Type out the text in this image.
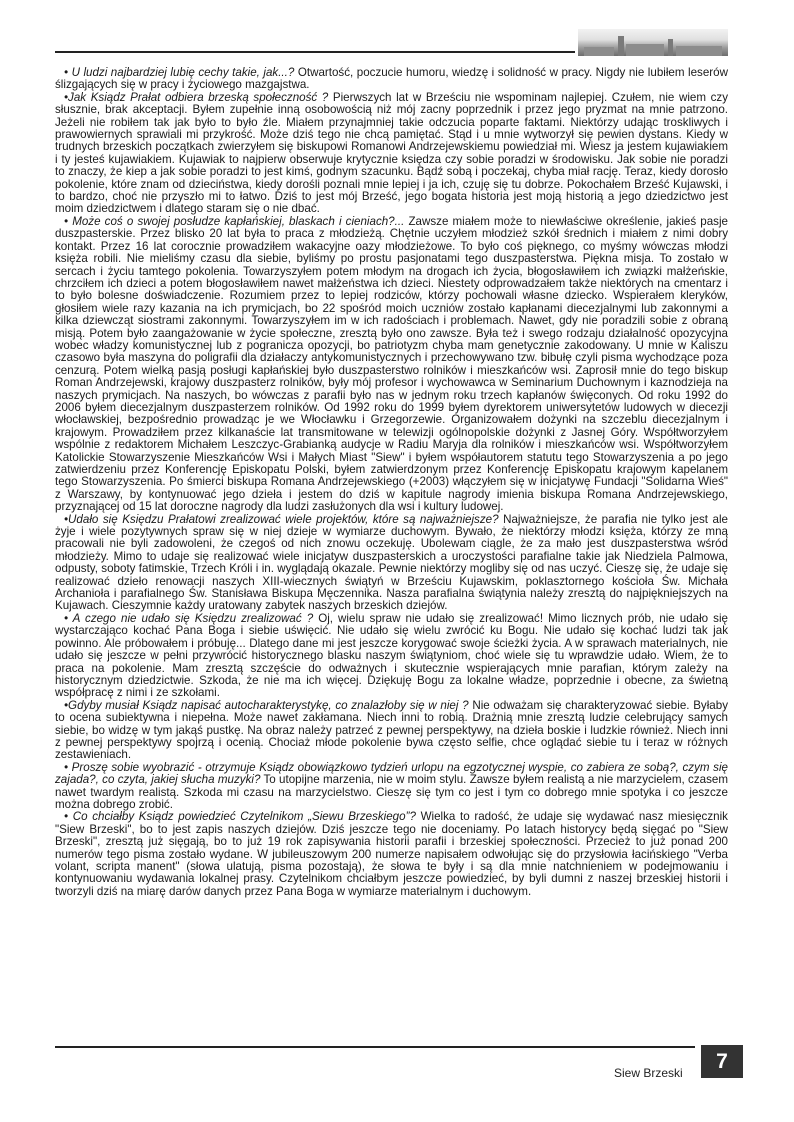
• U ludzi najbardziej lubię cechy takie, jak...? Otwartość, poczucie humoru, wiedzę i solidność w pracy. Nigdy nie lubiłem leserów ślizgających się w pracy i życiowego mazgajstwa.

•Jak Ksiądz Prałat odbiera brzeską społeczność ? Pierwszych lat w Brześciu nie wspominam najlepiej. Czułem, nie wiem czy słusznie, brak akceptacji. Byłem zupełnie inną osobowością niż mój zacny poprzednik i przez jego pryzmat na mnie patrzono. Jeżeli nie robiłem tak jak było to było źle. Miałem przynajmniej takie odczucia poparte faktami. Niektórzy udając troskliwych i prawowiernych sprawiali mi przykrość. Może dziś tego nie chcą pamiętać. Stąd i u mnie wytworzył się pewien dystans. Kiedy w trudnych brzeskich początkach zwierzyłem się biskupowi Romanowi Andrzejewskiemu powiedział mi. Wiesz ja jestem kujawiakiem i ty jesteś kujawiakiem. Kujawiak to najpierw obserwuje krytycznie księdza czy sobie poradzi w środowisku. Jak sobie nie poradzi to znaczy, że kiep a jak sobie poradzi to jest kimś, godnym szacunku. Bądź sobą i poczekaj, chyba miał rację. Teraz, kiedy dorosło pokolenie, które znam od dzieciństwa, kiedy dorośli poznali mnie lepiej i ja ich, czuję się tu dobrze. Pokochałem Brześć Kujawski, i to bardzo, choć nie przyszło mi to łatwo. Dziś to jest mój Brześć, jego bogata historia jest moją historią a jego dziedzictwo jest moim dziedzictwem i dlatego staram się o nie dbać.

• Może coś o swojej posłudze kapłańskiej, blaskach i cieniach?... Zawsze miałem może to niewłaściwe określenie, jakieś pasje duszpasterskie. Przez blisko 20 lat była to praca z młodzieżą. Chętnie uczyłem młodzież szkół średnich i miałem z nimi dobry kontakt. Przez 16 lat corocznie prowadziłem wakacyjne oazy młodzieżowe. To było coś pięknego, co myśmy wówczas młodzi księża robili. Nie mieliśmy czasu dla siebie, byliśmy po prostu pasjonatami tego duszpasterstwa. Piękna misja. To zostało w sercach i życiu tamtego pokolenia. Towarzyszyłem potem młodym na drogach ich życia, błogosławiłem ich związki małżeńskie, chrzciłem ich dzieci a potem błogosławiłem nawet małżeństwa ich dzieci. Niestety odprowadzałem także niektórych na cmentarz i to było bolesne doświadczenie. Rozumiem przez to lepiej rodziców, którzy pochowali własne dziecko. Wspierałem kleryków, głosiłem wiele razy kazania na ich prymicjach, bo 22 spośród moich uczniów zostało kapłanami diecezjalnymi lub zakonnymi a kilka dziewcząt siostrami zakonnymi. Towarzyszyłem im w ich radościach i problemach. Nawet, gdy nie poradzili sobie z obraną misją. Potem było zaangażowanie w życie społeczne, zresztą było ono zawsze. Była też i swego rodzaju działalność opozycyjna wobec władzy komunistycznej lub z pogranicza opozycji, bo patriotyzm chyba mam genetycznie zakodowany. U mnie w Kaliszu czasowo była maszyna do poligrafii dla działaczy antykomunistycznych i przechowywano tzw. bibułę czyli pisma wychodzące poza cenzurą. Potem wielką pasją posługi kapłańskiej było duszpasterstwo rolników i mieszkańców wsi. Zaprosił mnie do tego biskup Roman Andrzejewski, krajowy duszpasterz rolników, były mój profesor i wychowawca w Seminarium Duchownym i kaznodzieja na naszych prymicjach. Na naszych, bo wówczas z parafii było nas w jednym roku trzech kapłanów święconych. Od roku 1992 do 2006 byłem diecezjalnym duszpasterzem rolników. Od 1992 roku do 1999 byłem dyrektorem uniwersytetów ludowych w diecezji włocławskiej, bezpośrednio prowadząc je we Włocławku i Grzegorzewie. Organizowałem dożynki na szczeblu diecezjalnym i krajowym. Prowadziłem przez kilkanaście lat transmitowane w telewizji ogólnopolskie dożynki z Jasnej Góry. Współtworzyłem wspólnie z redaktorem Michałem Leszczyc-Grabianką audycje w Radiu Maryja dla rolników i mieszkańców wsi. Współtworzyłem Katolickie Stowarzyszenie Mieszkańców Wsi i Małych Miast "Siew" i byłem współautorem statutu tego Stowarzyszenia a po jego zatwierdzeniu przez Konferencję Episkopatu Polski, byłem zatwierdzonym przez Konferencję Episkopatu krajowym kapelanem tego Stowarzyszenia. Po śmierci biskupa Romana Andrzejewskiego (+2003) włączyłem się w inicjatywę Fundacji "Solidarna Wieś" z Warszawy, by kontynuować jego dzieła i jestem do dziś w kapitule nagrody imienia biskupa Romana Andrzejewskiego, przyznającej od 15 lat doroczne nagrody dla ludzi zasłużonych dla wsi i kultury ludowej.

•Udało się Księdzu Prałatowi zrealizować wiele projektów, które są najważniejsze? Najważniejsze, że parafia nie tylko jest ale żyje i wiele pozytywnych spraw się w niej dzieje w wymiarze duchowym. Bywało, że niektórzy młodzi księża, którzy ze mną pracowali nie byli zadowoleni, że czegoś od nich znowu oczekuję. Ubolewam ciągle, że za mało jest duszpasterstwa wśród młodzieży. Mimo to udaje się realizować wiele inicjatyw duszpasterskich a uroczystości parafialne takie jak Niedziela Palmowa, odpusty, soboty fatimskie, Trzech Króli i in. wyglądają okazale. Pewnie niektórzy mogliby się od nas uczyć. Cieszę się, że udaje się realizować dzieło renowacji naszych XIII-wiecznych świątyń w Brześciu Kujawskim, poklasztornego kościoła Św. Michała Archanioła i parafialnego Św. Stanisława Biskupa Męczennika. Nasza parafialna świątynia należy zresztą do najpiękniejszych na Kujawach. Cieszymnie każdy uratowany zabytek naszych brzeskich dziejów.

• A czego nie udało się Księdzu zrealizować ? Oj, wielu spraw nie udało się zrealizować! Mimo licznych prób, nie udało się wystarczająco kochać Pana Boga i siebie uświęcić. Nie udało się wielu zwrócić ku Bogu. Nie udało się kochać ludzi tak jak powinno. Ale próbowałem i próbuję... Dlatego dane mi jest jeszcze korygować swoje ścieżki życia. A w sprawach materialnych, nie udało się jeszcze w pełni przywrócić historycznego blasku naszym świątyniom, choć wiele się tu wprawdzie udało. Wiem, że to praca na pokolenie. Mam zresztą szczęście do odważnych i skutecznie wspierających mnie parafian, którym zależy na historycznym dziedzictwie. Szkoda, że nie ma ich więcej. Dziękuję Bogu za lokalne władze, poprzednie i obecne, za świetną współpracę z nimi i ze szkołami.

•Gdyby musiał Ksiądz napisać autocharakterystykę, co znalazłoby się w niej ? Nie odważam się charakteryzować siebie. Byłaby to ocena subiektywna i niepełna. Może nawet zakłamana. Niech inni to robią. Drażnią mnie zresztą ludzie celebrujący samych siebie, bo widzę w tym jakąś pustkę. Na obraz należy patrzeć z pewnej perspektywy, na dzieła boskie i ludzkie również. Niech inni z pewnej perspektywy spojrzą i ocenią. Chociaż młode pokolenie bywa często selfie, chce oglądać siebie tu i teraz w różnych zestawieniach.

• Proszę sobie wyobrazić - otrzymuje Ksiądz obowiązkowo tydzień urlopu na egzotycznej wyspie, co zabiera ze sobą?, czym się zajada?, co czyta, jakiej słucha muzyki? To utopijne marzenia, nie w moim stylu. Zawsze byłem realistą a nie marzycielem, czasem nawet twardym realistą. Szkoda mi czasu na marzycielstwo. Cieszę się tym co jest i tym co dobrego mnie spotyka i co jeszcze można dobrego zrobić.

• Co chciałby Ksiądz powiedzieć Czytelnikom „Siewu Brzeskiego”? Wielka to radość, że udaje się wydawać nasz miesięcznik "Siew Brzeski", bo to jest zapis naszych dziejów. Dziś jeszcze tego nie doceniamy. Po latach historycy będą sięgać po "Siew Brzeski", zresztą już sięgają, bo to już 19 rok zapisywania historii parafii i brzeskiej społeczności. Przecież to już ponad 200 numerów tego pisma zostało wydane. W jubileuszowym 200 numerze napisałem odwołując się do przysłowia łacińskiego "Verba volant, scripta manent" (słowa ulatują, pisma pozostają), że słowa te były i są dla mnie natchnieniem w podejmowaniu i kontynuowaniu wydawania lokalnej prasy. Czytelnikom chciałbym jeszcze powiedzieć, by byli dumni z naszej brzeskiej historii i tworzyli dziś na miarę darów danych przez Pana Boga w wymiarze materialnym i duchowym.

Siew Brzeski
7
